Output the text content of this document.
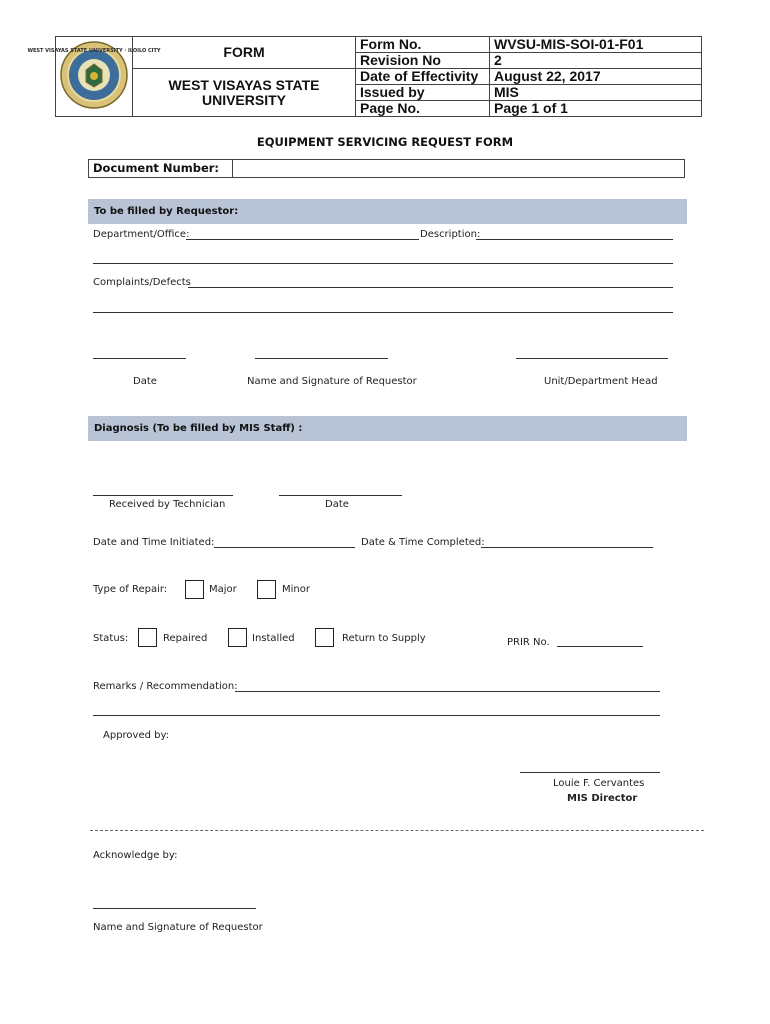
WEST VISAYAS STATE UNIVERSITY · ILOILO CITY	FORM	Form No.	WVSU-MIS-SOI-01-F01
		Revision No	2
	WEST VISAYAS STATE UNIVERSITY	Date of Effectivity	August 22, 2017
		Issued by	MIS
		Page No.	Page 1 of 1
EQUIPMENT SERVICING REQUEST FORM
Document Number:
To be filled by Requestor:
Department/Office:	Description:
Complaints/Defects
Date	Name and Signature of Requestor	Unit/Department Head
Diagnosis (To be filled by MIS Staff) :
Received by Technician	Date
Date and Time Initiated:	Date & Time Completed:
Type of Repair:	Major	Minor
Status:	Repaired	Installed	Return to Supply	PRIR No.
Remarks / Recommendation:
Approved by:
Louie F. Cervantes
MIS Director
Acknowledge by:
Name and Signature of Requestor
